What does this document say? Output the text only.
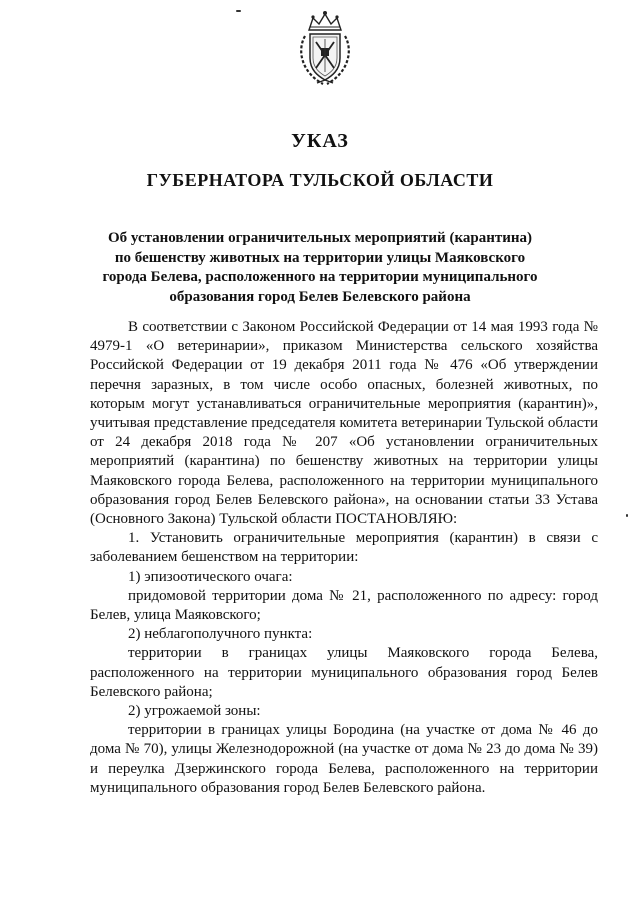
УКАЗ
ГУБЕРНАТОРА ТУЛЬСКОЙ ОБЛАСТИ
Об установлении ограничительных мероприятий (карантина)
по бешенству животных на территории улицы Маяковского
города Белева, расположенного на территории муниципального
образования город Белев Белевского района

В соответствии с Законом Российской Федерации от 14 мая 1993 года № 4979-1 «О ветеринарии», приказом Министерства сельского хозяйства Российской Федерации от 19 декабря 2011 года № 476 «Об утверждении перечня заразных, в том числе особо опасных, болезней животных, по которым могут устанавливаться ограничительные мероприятия (карантин)», учитывая представление председателя комитета ветеринарии Тульской области от 24 декабря 2018 года № 207 «Об установлении ограничительных мероприятий (карантина) по бешенству животных на территории улицы Маяковского города Белева, расположенного на территории муниципального образования город Белев Белевского района», на основании статьи 33 Устава (Основного Закона) Тульской области ПОСТАНОВЛЯЮ:

1. Установить ограничительные мероприятия (карантин) в связи с заболеванием бешенством на территории:

1) эпизоотического очага:

придомовой территории дома № 21, расположенного по адресу: город Белев, улица Маяковского;

2) неблагополучного пункта:

территории в границах улицы Маяковского города Белева, расположенного на территории муниципального образования город Белев Белевского района;

2) угрожаемой зоны:

территории в границах улицы Бородина (на участке от дома № 46 до дома № 70), улицы Железнодорожной (на участке от дома № 23 до дома № 39) и переулка Дзержинского города Белева, расположенного на территории муниципального образования город Белев Белевского района.
